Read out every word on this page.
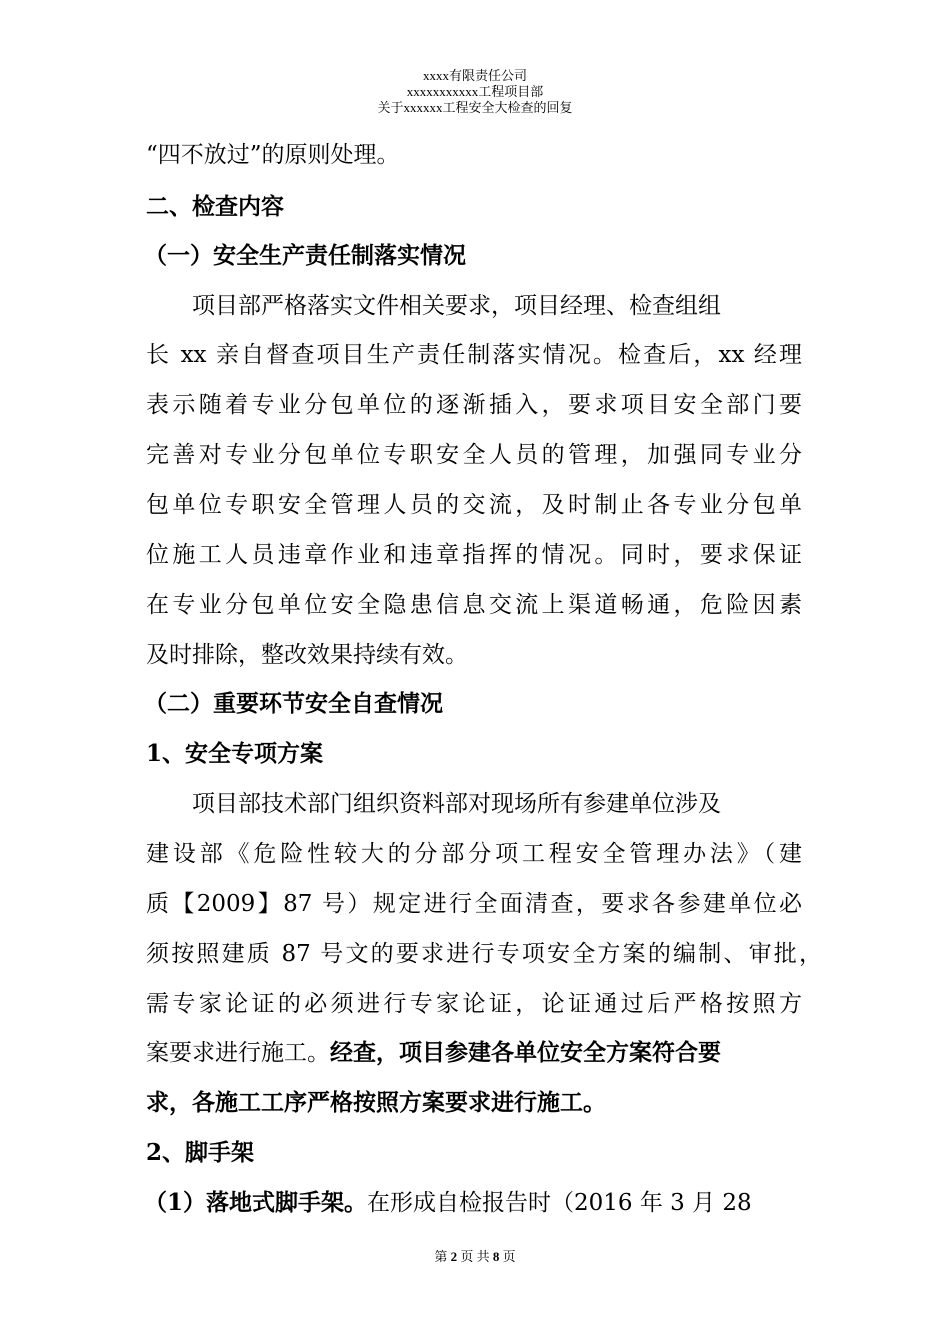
xxxx有限责任公司
xxxxxxxxxxx工程项目部
关于xxxxxx工程安全大检查的回复
“四不放过”的原则处理。
二、检查内容
（一）安全生产责任制落实情况
项目部严格落实文件相关要求，项目经理、检查组组
长 xx 亲自督查项目生产责任制落实情况。检查后，xx 经理
表示随着专业分包单位的逐渐插入，要求项目安全部门要
完善对专业分包单位专职安全人员的管理，加强同专业分
包单位专职安全管理人员的交流，及时制止各专业分包单
位施工人员违章作业和违章指挥的情况。同时，要求保证
在专业分包单位安全隐患信息交流上渠道畅通，危险因素
及时排除，整改效果持续有效。
（二）重要环节安全自查情况
1、安全专项方案
项目部技术部门组织资料部对现场所有参建单位涉及
建设部《危险性较大的分部分项工程安全管理办法》（建
质【2009】87 号）规定进行全面清查，要求各参建单位必
须按照建质 87 号文的要求进行专项安全方案的编制、审批，
需专家论证的必须进行专家论证，论证通过后严格按照方
案要求进行施工。经查，项目参建各单位安全方案符合要
求，各施工工序严格按照方案要求进行施工。
2、脚手架
（1）落地式脚手架。在形成自检报告时（2016 年 3 月 28
第 2 页 共 8 页
